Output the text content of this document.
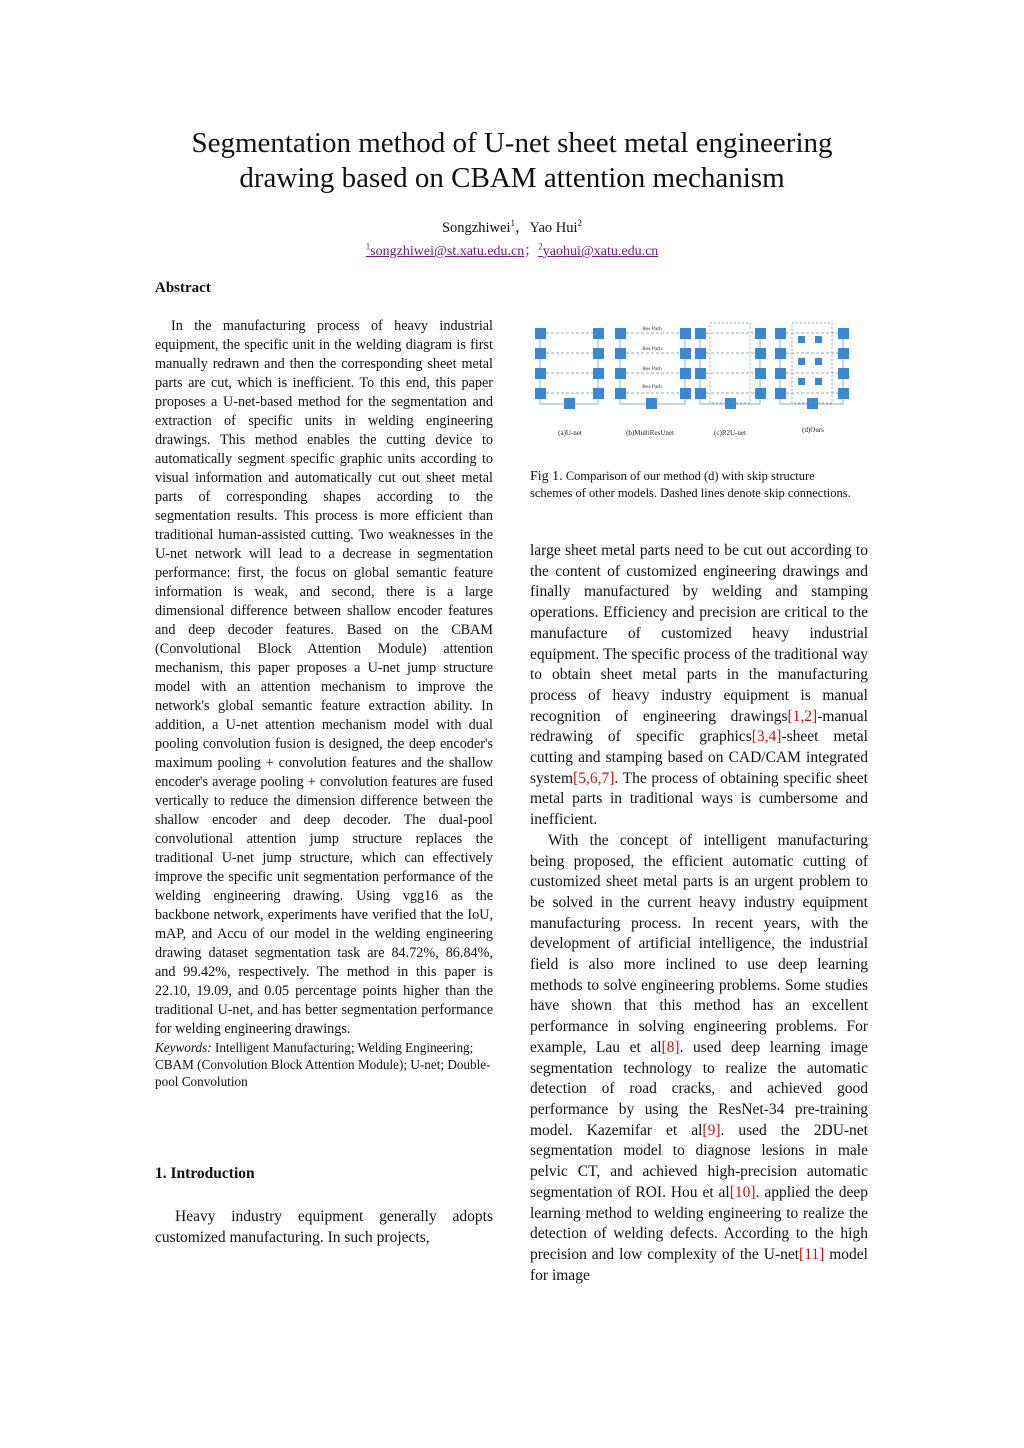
Segmentation method of U-net sheet metal engineering
drawing based on CBAM attention mechanism
Songzhiwei$^1$，Yao Hui$^2$
$^1$songzhiwei@st.xatu.edu.cn；$^2$yaohui@xatu.edu.cn
Abstract

In the manufacturing process of heavy industrial equipment, the specific unit in the welding diagram is first manually redrawn and then the corresponding sheet metal parts are cut, which is inefficient. To this end, this paper proposes a U-net-based method for the segmentation and extraction of specific units in welding engineering drawings. This method enables the cutting device to automatically segment specific graphic units according to visual information and automatically cut out sheet metal parts of corresponding shapes according to the segmentation results. This process is more efficient than traditional human-assisted cutting. Two weaknesses in the U-net network will lead to a decrease in segmentation performance: first, the focus on global semantic feature information is weak, and second, there is a large dimensional difference between shallow encoder features and deep decoder features. Based on the CBAM (Convolutional Block Attention Module) attention mechanism, this paper proposes a U-net jump structure model with an attention mechanism to improve the network's global semantic feature extraction ability. In addition, a U-net attention mechanism model with dual pooling convolution fusion is designed, the deep encoder's maximum pooling + convolution features and the shallow encoder's average pooling + convolution features are fused vertically to reduce the dimension difference between the shallow encoder and deep decoder. The dual-pool convolutional attention jump structure replaces the traditional U-net jump structure, which can effectively improve the specific unit segmentation performance of the welding engineering drawing. Using vgg16 as the backbone network, experiments have verified that the IoU, mAP, and Accu of our model in the welding engineering drawing dataset segmentation task are 84.72%, 86.84%, and 99.42%, respectively. The method in this paper is 22.10, 19.09, and 0.05 percentage points higher than the traditional U-net, and has better segmentation performance for welding engineering drawings.

Keywords: Intelligent Manufacturing; Welding Engineering; CBAM (Convolution Block Attention Module); U-net; Double-pool Convolution
1. Introduction

Heavy industry equipment generally adopts customized manufacturing. In such projects,

Res Path
Res Path
Res Path
Res Path
(a)U-net	(b)MultiResUnet	(c)R2U-net	(d)Ours
Fig 1. Comparison of our method (d) with skip structure schemes of other models. Dashed lines denote skip connections.

large sheet metal parts need to be cut out according to the content of customized engineering drawings and finally manufactured by welding and stamping operations. Efficiency and precision are critical to the manufacture of customized heavy industrial equipment. The specific process of the traditional way to obtain sheet metal parts in the manufacturing process of heavy industry equipment is manual recognition of engineering drawings[1,2]-manual redrawing of specific graphics[3,4]-sheet metal cutting and stamping based on CAD/CAM integrated system[5,6,7]. The process of obtaining specific sheet metal parts in traditional ways is cumbersome and inefficient.

With the concept of intelligent manufacturing being proposed, the efficient automatic cutting of customized sheet metal parts is an urgent problem to be solved in the current heavy industry equipment manufacturing process. In recent years, with the development of artificial intelligence, the industrial field is also more inclined to use deep learning methods to solve engineering problems. Some studies have shown that this method has an excellent performance in solving engineering problems. For example, Lau et al[8]. used deep learning image segmentation technology to realize the automatic detection of road cracks, and achieved good performance by using the ResNet-34 pre-training model. Kazemifar et al[9]. used the 2DU-net segmentation model to diagnose lesions in male pelvic CT, and achieved high-precision automatic segmentation of ROI. Hou et al[10]. applied the deep learning method to welding engineering to realize the detection of welding defects. According to the high precision and low complexity of the U-net[11] model for image
